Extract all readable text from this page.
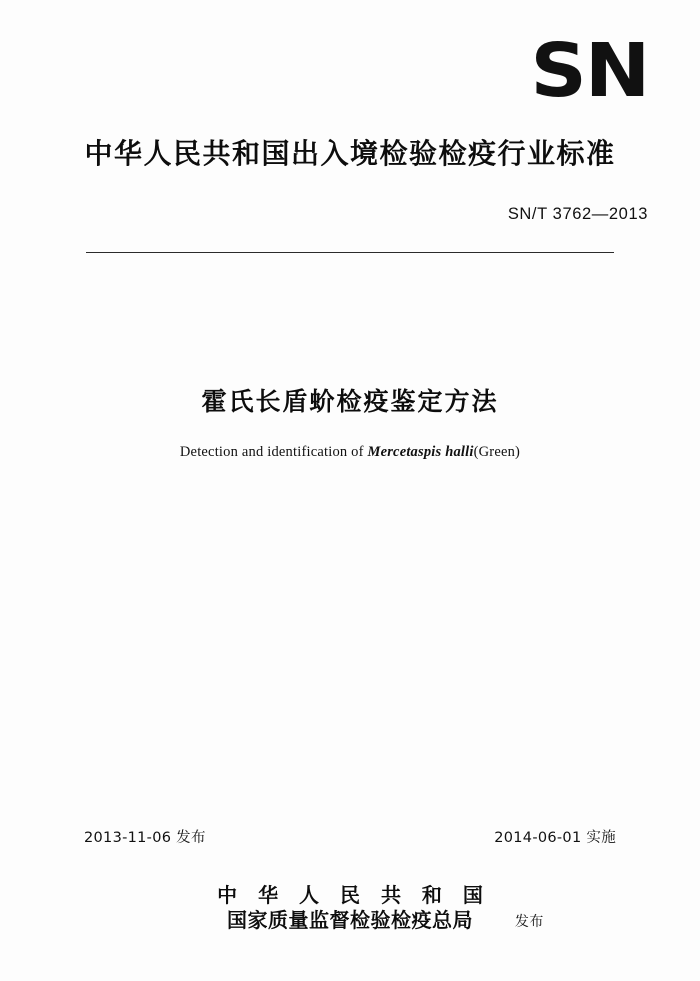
SN
中华人民共和国出入境检验检疫行业标准
SN/T 3762—2013
霍氏长盾蚧检疫鉴定方法
Detection and identification of Mercetaspis halli(Green)
2013-11-06 发布	2014-06-01 实施
中 华 人 民 共 和 国
国家质量监督检验检疫总局	发布
